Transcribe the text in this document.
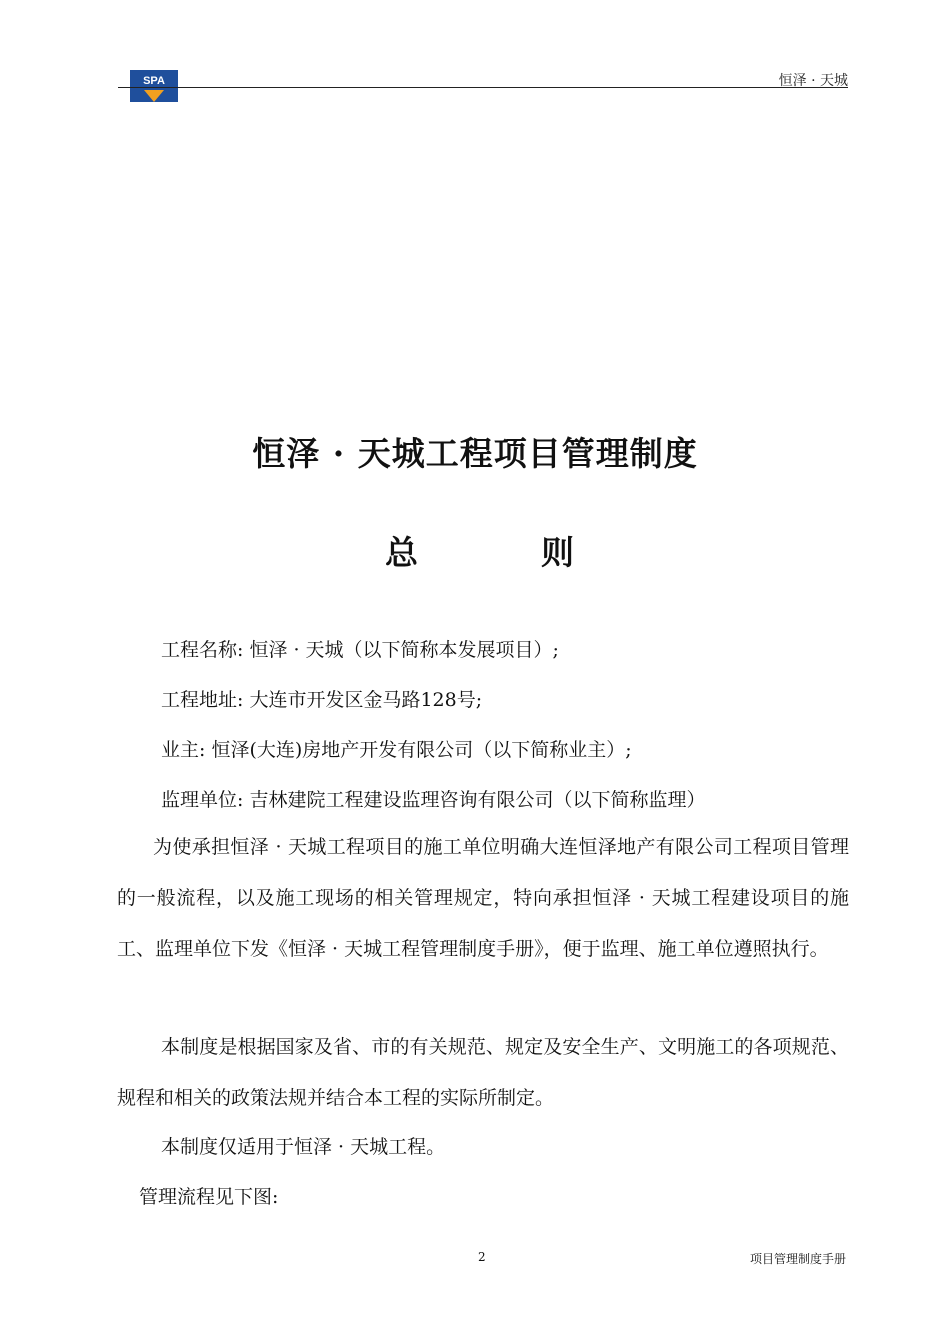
SPA	恒泽 · 天城
恒泽 · 天城工程项目管理制度
总	则
工程名称: 恒泽 · 天城（以下简称本发展项目）;
工程地址: 大连市开发区金马路128号;
业主: 恒泽(大连)房地产开发有限公司（以下简称业主）;
监理单位: 吉林建院工程建设监理咨询有限公司（以下简称监理）
为使承担恒泽 · 天城工程项目的施工单位明确大连恒泽地产有限公司工程项目管理的一般流程，以及施工现场的相关管理规定，特向承担恒泽 · 天城工程建设项目的施工、监理单位下发《恒泽 · 天城工程管理制度手册》，便于监理、施工单位遵照执行。
本制度是根据国家及省、市的有关规范、规定及安全生产、文明施工的各项规范、规程和相关的政策法规并结合本工程的实际所制定。
本制度仅适用于恒泽 · 天城工程。
管理流程见下图:
2	项目管理制度手册
